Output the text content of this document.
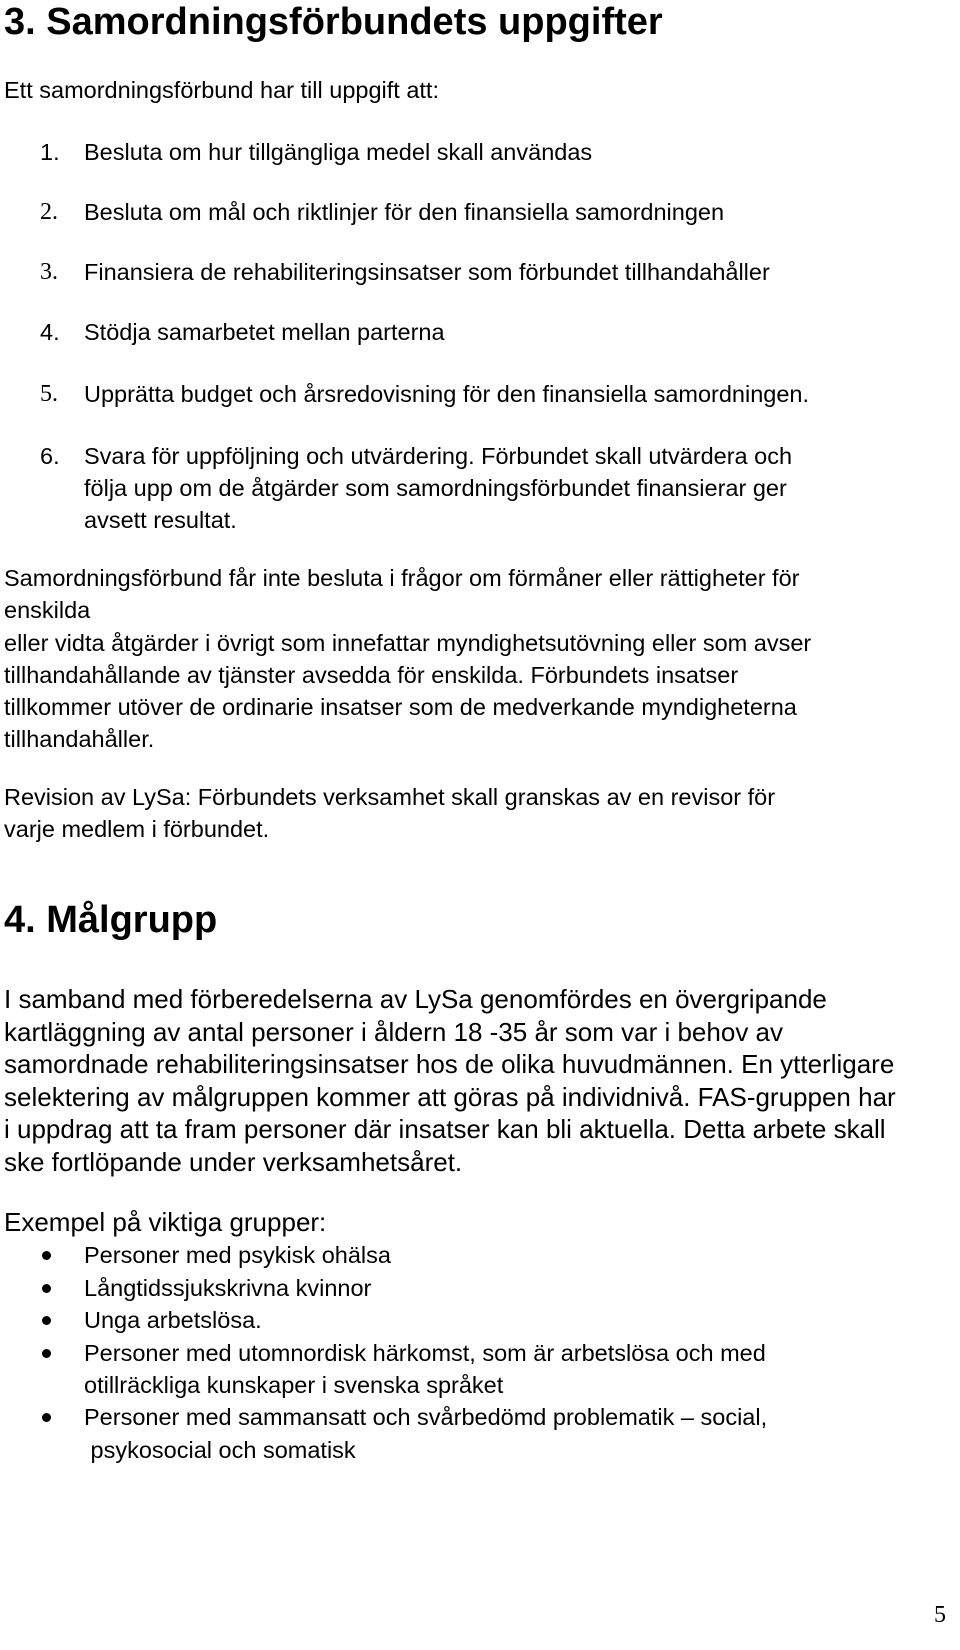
3. Samordningsförbundets uppgifter
Ett samordningsförbund har till uppgift att:
1. Besluta om hur tillgängliga medel skall användas
2. Besluta om mål och riktlinjer för den finansiella samordningen
3. Finansiera de rehabiliteringsinsatser som förbundet tillhandahåller
4. Stödja samarbetet mellan parterna
5. Upprätta budget och årsredovisning för den finansiella samordningen.
6. Svara för uppföljning och utvärdering. Förbundet skall utvärdera och
följa upp om de åtgärder som samordningsförbundet finansierar ger
avsett resultat.
Samordningsförbund får inte besluta i frågor om förmåner eller rättigheter för
enskilda
eller vidta åtgärder i övrigt som innefattar myndighetsutövning eller som avser
tillhandahållande av tjänster avsedda för enskilda. Förbundets insatser
tillkommer utöver de ordinarie insatser som de medverkande myndigheterna
tillhandahåller.
Revision av LySa: Förbundets verksamhet skall granskas av en revisor för
varje medlem i förbundet.
4. Målgrupp
I samband med förberedelserna av LySa genomfördes en övergripande
kartläggning av antal personer i åldern 18 -35 år som var i behov av
samordnade rehabiliteringsinsatser hos de olika huvudmännen. En ytterligare
selektering av målgruppen kommer att göras på individnivå. FAS-gruppen har
i uppdrag att ta fram personer där insatser kan bli aktuella. Detta arbete skall
ske fortlöpande under verksamhetsåret.
Exempel på viktiga grupper:
Personer med psykisk ohälsa
Långtidssjukskrivna kvinnor
Unga arbetslösa.
Personer med utomnordisk härkomst, som är arbetslösa och med
otillräckliga kunskaper i svenska språket
Personer med sammansatt och svårbedömd problematik – social,
psykosocial och somatisk
5
